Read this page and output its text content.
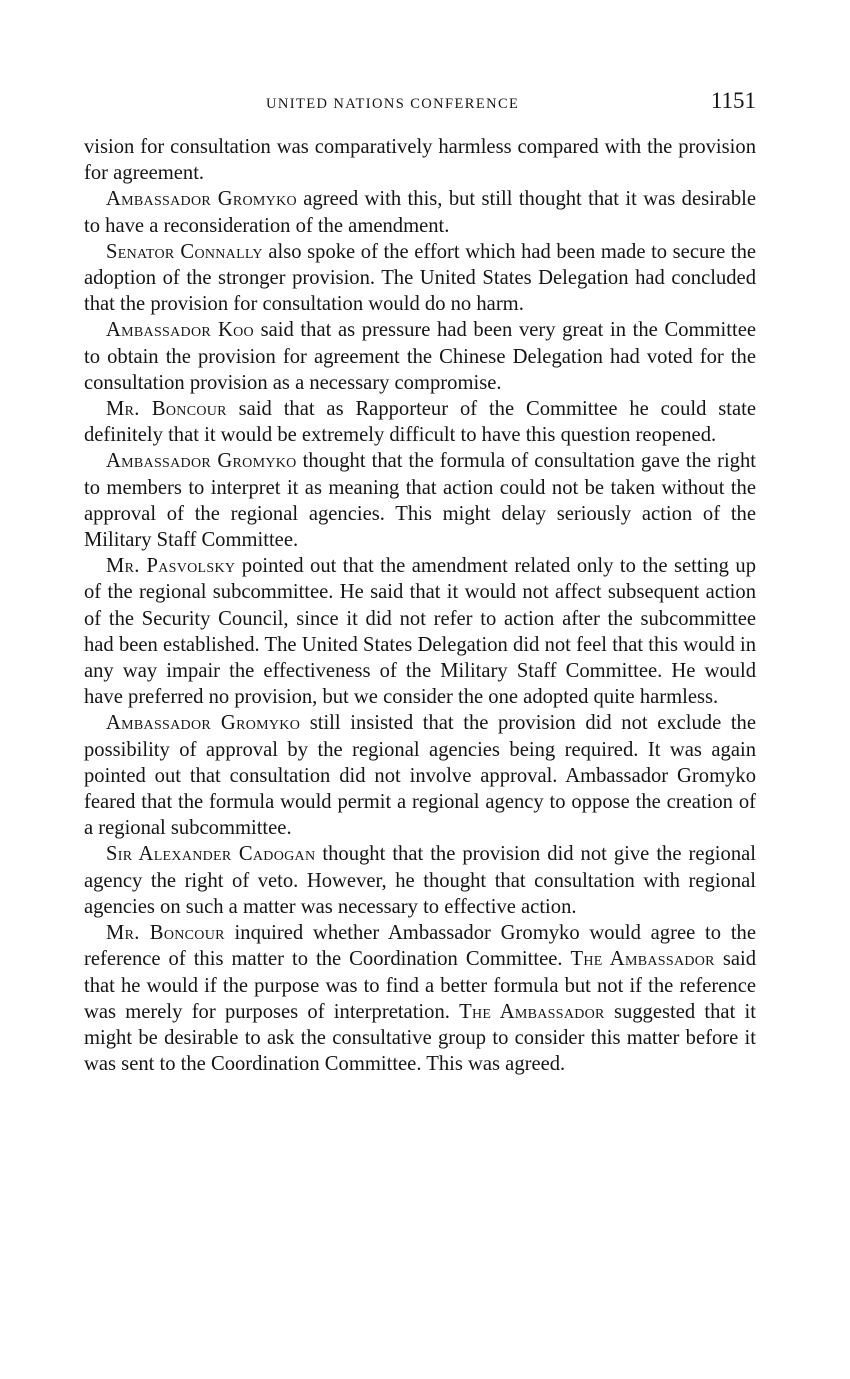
UNITED NATIONS CONFERENCE	1151

vision for consultation was comparatively harmless compared with the provision for agreement.

Ambassador Gromyko agreed with this, but still thought that it was desirable to have a reconsideration of the amendment.

Senator Connally also spoke of the effort which had been made to secure the adoption of the stronger provision. The United States Delegation had concluded that the provision for consultation would do no harm.

Ambassador Koo said that as pressure had been very great in the Committee to obtain the provision for agreement the Chinese Delegation had voted for the consultation provision as a necessary compromise.

Mr. Boncour said that as Rapporteur of the Committee he could state definitely that it would be extremely difficult to have this question reopened.

Ambassador Gromyko thought that the formula of consultation gave the right to members to interpret it as meaning that action could not be taken without the approval of the regional agencies. This might delay seriously action of the Military Staff Committee.

Mr. Pasvolsky pointed out that the amendment related only to the setting up of the regional subcommittee. He said that it would not affect subsequent action of the Security Council, since it did not refer to action after the subcommittee had been established. The United States Delegation did not feel that this would in any way impair the effectiveness of the Military Staff Committee. He would have preferred no provision, but we consider the one adopted quite harmless.

Ambassador Gromyko still insisted that the provision did not exclude the possibility of approval by the regional agencies being required. It was again pointed out that consultation did not involve approval. Ambassador Gromyko feared that the formula would permit a regional agency to oppose the creation of a regional subcommittee.

Sir Alexander Cadogan thought that the provision did not give the regional agency the right of veto. However, he thought that consultation with regional agencies on such a matter was necessary to effective action.

Mr. Boncour inquired whether Ambassador Gromyko would agree to the reference of this matter to the Coordination Committee. The Ambassador said that he would if the purpose was to find a better formula but not if the reference was merely for purposes of interpretation. The Ambassador suggested that it might be desirable to ask the consultative group to consider this matter before it was sent to the Coordination Committee. This was agreed.
